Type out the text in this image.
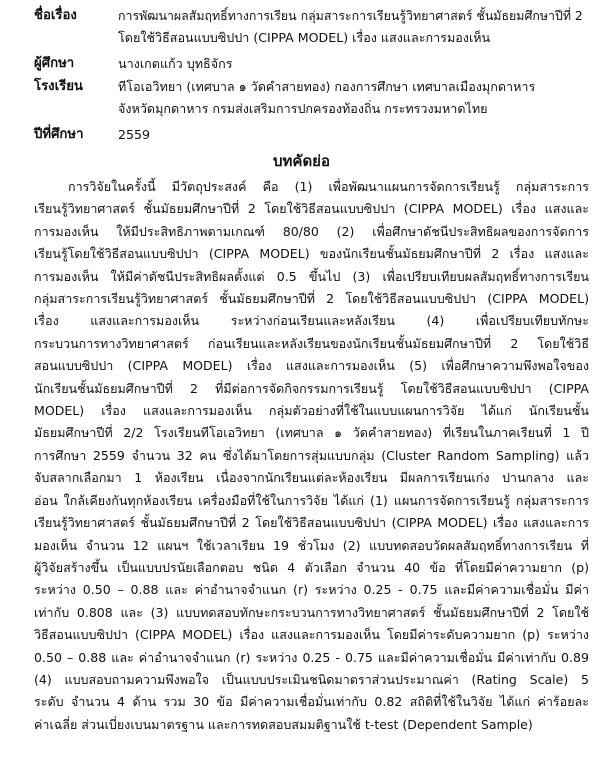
ชื่อเรื่อง	การพัฒนาผลสัมฤทธิ์ทางการเรียน กลุ่มสาระการเรียนรู้วิทยาศาสตร์ ชั้นมัธยมศึกษาปีที่ 2
โดยใช้วิธีสอนแบบซิปปา (CIPPA MODEL) เรื่อง แสงและการมองเห็น
ผู้ศึกษา	นางเกตแก้ว บุทธิจักร
โรงเรียน	ทีโอเอวิทยา (เทศบาล ๑ วัดคำสายทอง) กองการศึกษา เทศบาลเมืองมุกดาหาร
จังหวัดมุกดาหาร กรมส่งเสริมการปกครองท้องถิ่น กระทรวงมหาดไทย
ปีที่ศึกษา	2559
บทคัดย่อ
การวิจัยในครั้งนี้ มีวัตถุประสงค์ คือ (1) เพื่อพัฒนาแผนการจัดการเรียนรู้ กลุ่มสาระการ
เรียนรู้วิทยาศาสตร์ ชั้นมัธยมศึกษาปีที่ 2 โดยใช้วิธีสอนแบบซิปปา (CIPPA MODEL) เรื่อง แสงและ
การมองเห็น ให้มีประสิทธิภาพตามเกณฑ์ 80/80 (2) เพื่อศึกษาดัชนีประสิทธิผลของการจัดการ
เรียนรู้โดยใช้วิธีสอนแบบซิปปา (CIPPA MODEL) ของนักเรียนชั้นมัธยมศึกษาปีที่ 2 เรื่อง แสงและ
การมองเห็น ให้มีค่าดัชนีประสิทธิผลตั้งแต่ 0.5 ขึ้นไป (3) เพื่อเปรียบเทียบผลสัมฤทธิ์ทางการเรียน
กลุ่มสาระการเรียนรู้วิทยาศาสตร์ ชั้นมัธยมศึกษาปีที่ 2 โดยใช้วิธีสอนแบบซิปปา (CIPPA MODEL)
เรื่อง แสงและการมองเห็น ระหว่างก่อนเรียนและหลังเรียน (4) เพื่อเปรียบเทียบทักษะ
กระบวนการทางวิทยาศาสตร์ ก่อนเรียนและหลังเรียนของนักเรียนชั้นมัธยมศึกษาปีที่ 2 โดยใช้วิธี
สอนแบบซิปปา (CIPPA MODEL) เรื่อง แสงและการมองเห็น (5) เพื่อศึกษาความพึงพอใจของ
นักเรียนชั้นมัธยมศึกษาปีที่ 2 ที่มีต่อการจัดกิจกรรมการเรียนรู้ โดยใช้วิธีสอนแบบซิปปา (CIPPA
MODEL) เรื่อง แสงและการมองเห็น กลุ่มตัวอย่างที่ใช้ในแบบแผนการวิจัย ได้แก่ นักเรียนชั้น
มัธยมศึกษาปีที่ 2/2 โรงเรียนทีโอเอวิทยา (เทศบาล ๑ วัดคำสายทอง) ที่เรียนในภาคเรียนที่ 1 ปี
การศึกษา 2559 จำนวน 32 คน ซึ่งได้มาโดยการสุ่มแบบกลุ่ม (Cluster Random Sampling) แล้ว
จับสลากเลือกมา 1 ห้องเรียน เนื่องจากนักเรียนแต่ละห้องเรียน มีผลการเรียนเก่ง ปานกลาง และ
อ่อน ใกล้เคียงกันทุกห้องเรียน เครื่องมือที่ใช้ในการวิจัย ได้แก่ (1) แผนการจัดการเรียนรู้ กลุ่มสาระการ
เรียนรู้วิทยาศาสตร์ ชั้นมัธยมศึกษาปีที่ 2 โดยใช้วิธีสอนแบบซิปปา (CIPPA MODEL) เรื่อง แสงและการ
มองเห็น จำนวน 12 แผนฯ ใช้เวลาเรียน 19 ชั่วโมง (2) แบบทดสอบวัดผลสัมฤทธิ์ทางการเรียน ที่
ผู้วิจัยสร้างขึ้น เป็นแบบปรนัยเลือกตอบ ชนิด 4 ตัวเลือก จำนวน 40 ข้อ ที่โดยมีค่าความยาก (p)
ระหว่าง 0.50 – 0.88 และ ค่าอำนาจจำแนก (r) ระหว่าง 0.25 - 0.75 และมีค่าความเชื่อมั่น มีค่า
เท่ากับ 0.808 และ (3) แบบทดสอบทักษะกระบวนการทางวิทยาศาสตร์ ชั้นมัธยมศึกษาปีที่ 2 โดยใช้
วิธีสอนแบบซิปปา (CIPPA MODEL) เรื่อง แสงและการมองเห็น โดยมีค่าระดับความยาก (p) ระหว่าง
0.50 – 0.88 และ ค่าอำนาจจำแนก (r) ระหว่าง 0.25 - 0.75 และมีค่าความเชื่อมั่น มีค่าเท่ากับ 0.89
(4) แบบสอบถามความพึงพอใจ เป็นแบบประเมินชนิดมาตราส่วนประมาณค่า (Rating Scale) 5
ระดับ จำนวน 4 ด้าน รวม 30 ข้อ มีค่าความเชื่อมั่นเท่ากับ 0.82 สถิติที่ใช้ในวิจัย ได้แก่ ค่าร้อยละ
ค่าเฉลี่ย ส่วนเบี่ยงเบนมาตรฐาน และการทดสอบสมมติฐานใช้ t-test (Dependent Sample)
